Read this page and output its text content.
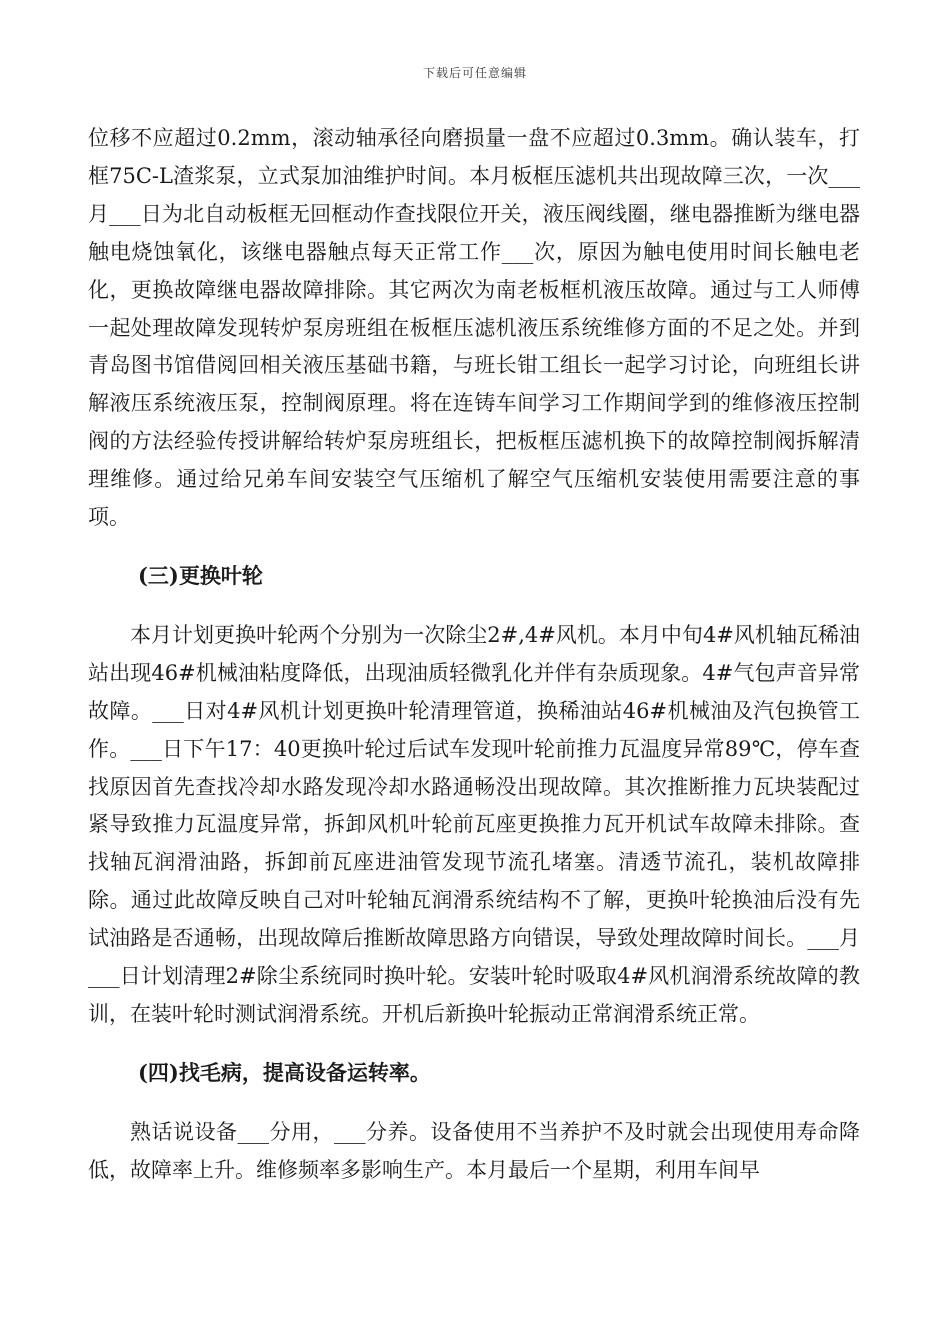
下载后可任意编辑

位移不应超过0.2mm，滚动轴承径向磨损量一盘不应超过0.3mm。确认装车，打框75C-L渣浆泵，立式泵加油维护时间。本月板框压滤机共出现故障三次，一次___月___日为北自动板框无回框动作查找限位开关，液压阀线圈，继电器推断为继电器触电烧蚀氧化，该继电器触点每天正常工作___次，原因为触电使用时间长触电老化，更换故障继电器故障排除。其它两次为南老板框机液压故障。通过与工人师傅一起处理故障发现转炉泵房班组在板框压滤机液压系统维修方面的不足之处。并到青岛图书馆借阅回相关液压基础书籍，与班长钳工组长一起学习讨论，向班组长讲解液压系统液压泵，控制阀原理。将在连铸车间学习工作期间学到的维修液压控制阀的方法经验传授讲解给转炉泵房班组长，把板框压滤机换下的故障控制阀拆解清理维修。通过给兄弟车间安装空气压缩机了解空气压缩机安装使用需要注意的事项。

(三)更换叶轮

本月计划更换叶轮两个分别为一次除尘2#,4#风机。本月中旬4#风机轴瓦稀油站出现46#机械油粘度降低，出现油质轻微乳化并伴有杂质现象。4#气包声音异常故障。___日对4#风机计划更换叶轮清理管道，换稀油站46#机械油及汽包换管工作。___日下午17：40更换叶轮过后试车发现叶轮前推力瓦温度异常89℃，停车查找原因首先查找冷却水路发现冷却水路通畅没出现故障。其次推断推力瓦块装配过紧导致推力瓦温度异常，拆卸风机叶轮前瓦座更换推力瓦开机试车故障未排除。查找轴瓦润滑油路，拆卸前瓦座进油管发现节流孔堵塞。清透节流孔，装机故障排除。通过此故障反映自己对叶轮轴瓦润滑系统结构不了解，更换叶轮换油后没有先试油路是否通畅，出现故障后推断故障思路方向错误，导致处理故障时间长。___月___日计划清理2#除尘系统同时换叶轮。安装叶轮时吸取4#风机润滑系统故障的教训，在装叶轮时测试润滑系统。开机后新换叶轮振动正常润滑系统正常。

(四)找毛病，提高设备运转率。

熟话说设备___分用，___分养。设备使用不当养护不及时就会出现使用寿命降低，故障率上升。维修频率多影响生产。本月最后一个星期，利用车间早
